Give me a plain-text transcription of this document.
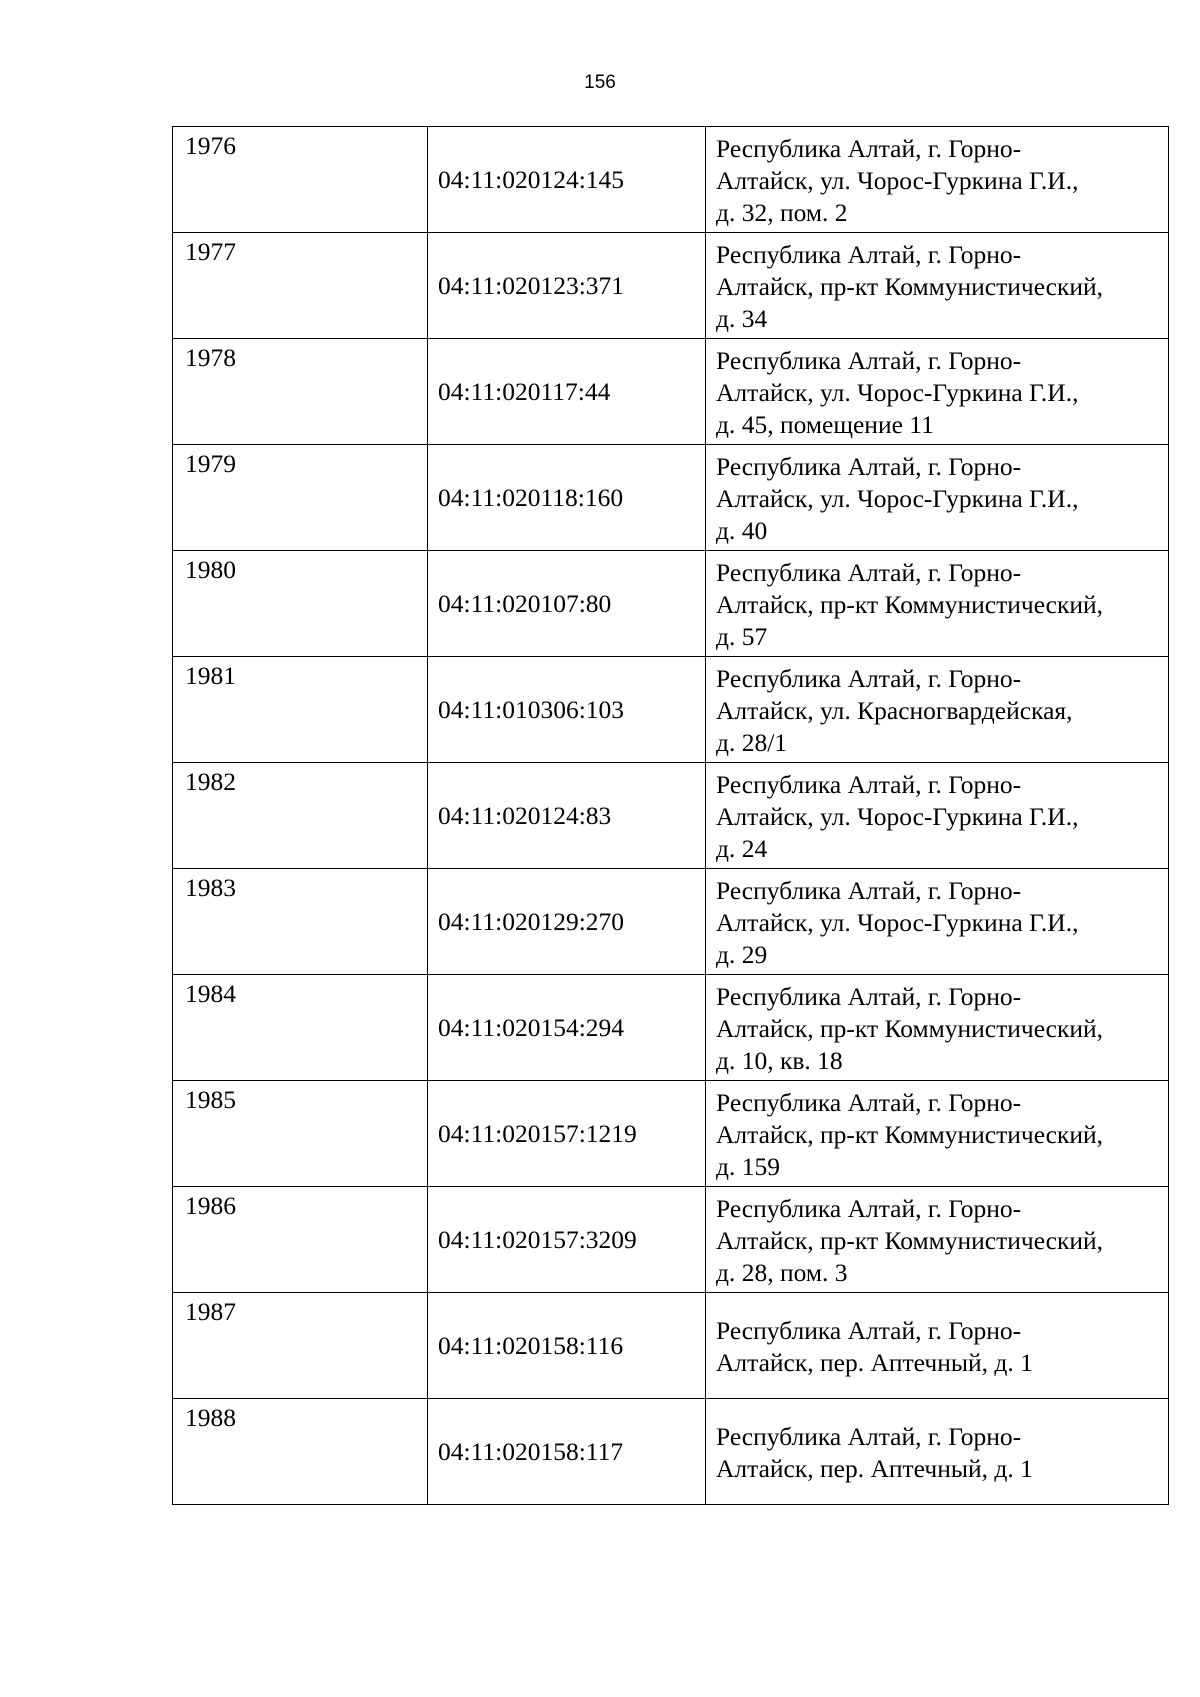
156
1976	04:11:020124:145	Республика Алтай, г. Горно-
Алтайск, ул. Чорос-Гуркина Г.И.,
д. 32, пом. 2

1977	04:11:020123:371	Республика Алтай, г. Горно-
Алтайск, пр-кт Коммунистический,
д. 34

1978	04:11:020117:44	Республика Алтай, г. Горно-
Алтайск, ул. Чорос-Гуркина Г.И.,
д. 45, помещение 11

1979	04:11:020118:160	Республика Алтай, г. Горно-
Алтайск, ул. Чорос-Гуркина Г.И.,
д. 40

1980	04:11:020107:80	Республика Алтай, г. Горно-
Алтайск, пр-кт Коммунистический,
д. 57

1981	04:11:010306:103	Республика Алтай, г. Горно-
Алтайск, ул. Красногвардейская,
д. 28/1

1982	04:11:020124:83	Республика Алтай, г. Горно-
Алтайск, ул. Чорос-Гуркина Г.И.,
д. 24

1983	04:11:020129:270	Республика Алтай, г. Горно-
Алтайск, ул. Чорос-Гуркина Г.И.,
д. 29

1984	04:11:020154:294	Республика Алтай, г. Горно-
Алтайск, пр-кт Коммунистический,
д. 10, кв. 18

1985	04:11:020157:1219	Республика Алтай, г. Горно-
Алтайск, пр-кт Коммунистический,
д. 159

1986	04:11:020157:3209	Республика Алтай, г. Горно-
Алтайск, пр-кт Коммунистический,
д. 28, пом. 3

1987	04:11:020158:116	Республика Алтай, г. Горно-
Алтайск, пер. Аптечный, д. 1

1988	04:11:020158:117	Республика Алтай, г. Горно-
Алтайск, пер. Аптечный, д. 1
